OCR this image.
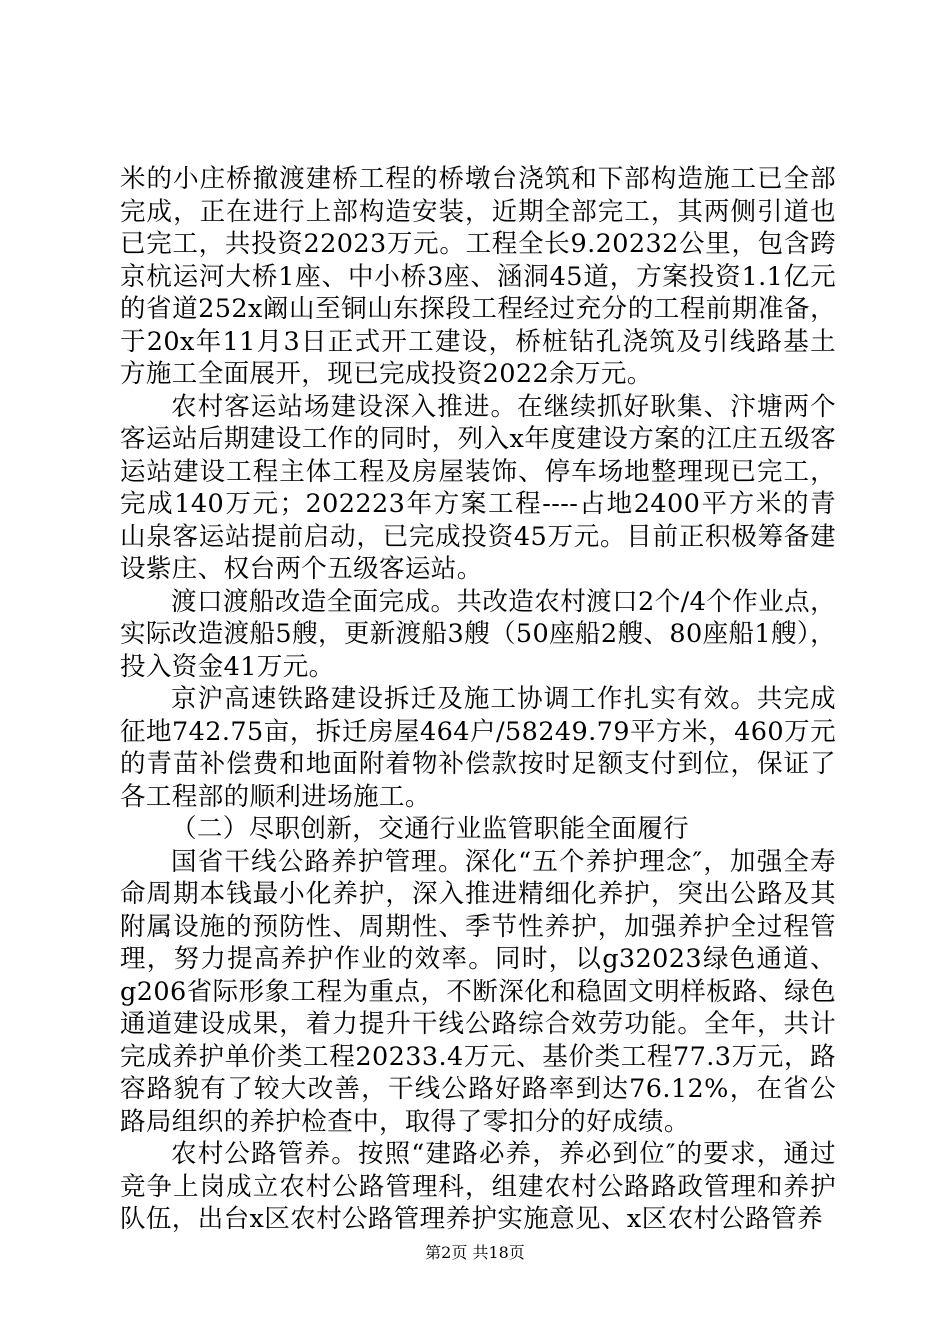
米的小庄桥撤渡建桥工程的桥墩台浇筑和下部构造施工已全部完成，正在进行上部构造安装，近期全部完工，其两侧引道也已完工，共投资22023万元。工程全长9.20232公里，包含跨京杭运河大桥1座、中小桥3座、涵洞45道，方案投资1.1亿元的省道252x阚山至铜山东探段工程经过充分的工程前期准备，于20x年11月3日正式开工建设，桥桩钻孔浇筑及引线路基土方施工全面展开，现已完成投资2022余万元。

农村客运站场建设深入推进。在继续抓好耿集、汴塘两个客运站后期建设工作的同时，列入x年度建设方案的江庄五级客运站建设工程主体工程及房屋装饰、停车场地整理现已完工，完成140万元；202223年方案工程----占地2400平方米的青山泉客运站提前启动，已完成投资45万元。目前正积极筹备建设紫庄、权台两个五级客运站。

渡口渡船改造全面完成。共改造农村渡口2个/4个作业点，实际改造渡船5艘，更新渡船3艘（50座船2艘、80座船1艘），投入资金41万元。

京沪高速铁路建设拆迁及施工协调工作扎实有效。共完成征地742.75亩，拆迁房屋464户/58249.79平方米，460万元的青苗补偿费和地面附着物补偿款按时足额支付到位，保证了各工程部的顺利进场施工。

（二）尽职创新，交通行业监管职能全面履行

国省干线公路养护管理。深化“五个养护理念″，加强全寿命周期本钱最小化养护，深入推进精细化养护，突出公路及其附属设施的预防性、周期性、季节性养护，加强养护全过程管理，努力提高养护作业的效率。同时，以g32023绿色通道、g206省际形象工程为重点，不断深化和稳固文明样板路、绿色通道建设成果，着力提升干线公路综合效劳功能。全年，共计完成养护单价类工程20233.4万元、基价类工程77.3万元，路容路貌有了较大改善，干线公路好路率到达76.12%，在省公路局组织的养护检查中，取得了零扣分的好成绩。

农村公路管养。按照“建路必养，养必到位″的要求，通过竞争上岗成立农村公路管理科，组建农村公路路政管理和养护队伍，出台x区农村公路管理养护实施意见、x区农村公路管养

第2页 共18页
